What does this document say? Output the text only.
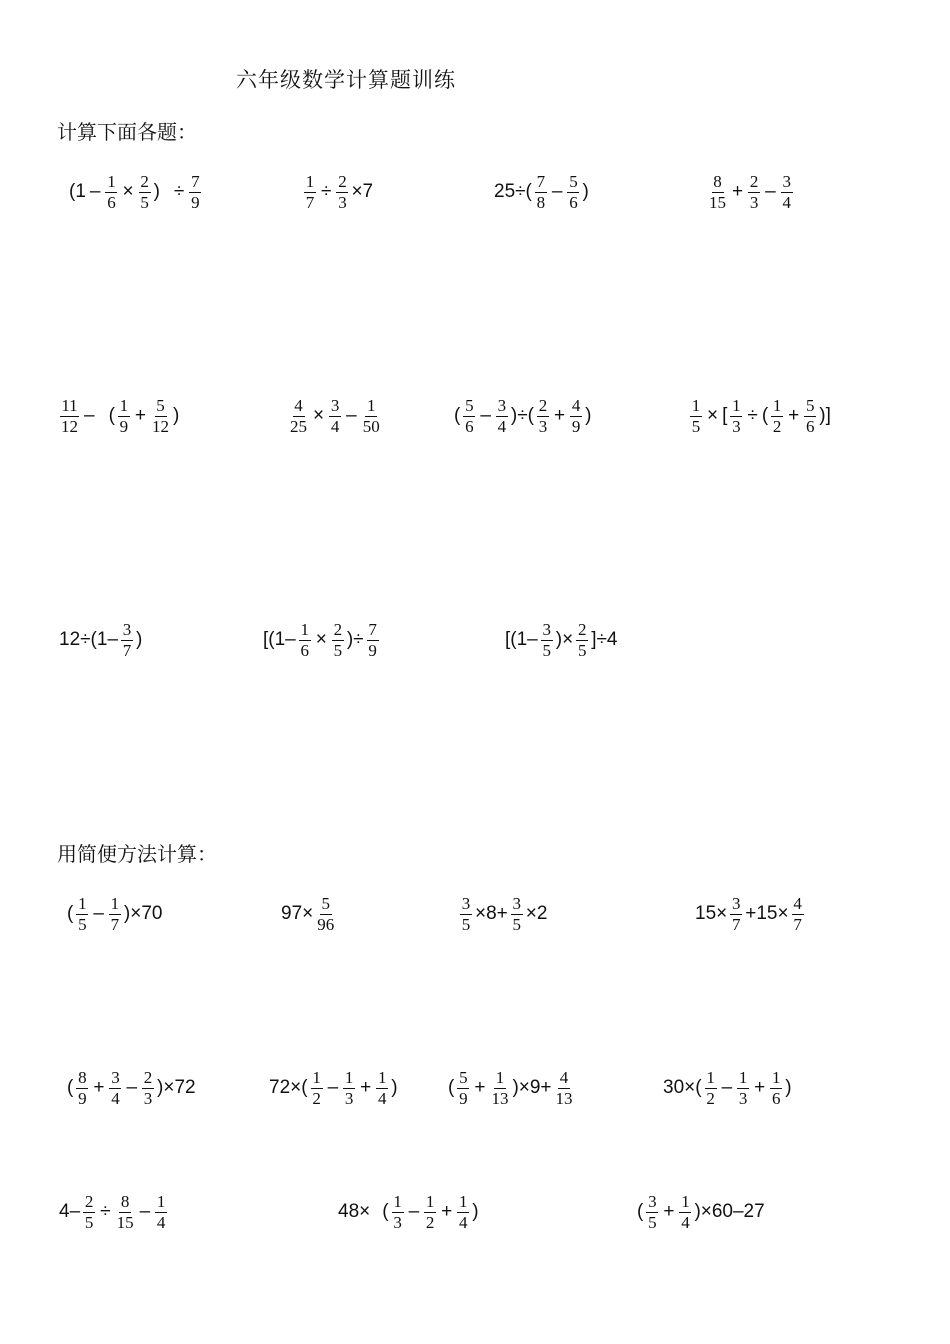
六年级数学计算题训练
计算下面各题：
用简便方法计算：
($1 - \frac{1}{6} \times \frac{2}{5}$ ) ÷ $\frac{7}{9}$	$\frac{1}{7} \div \frac{2}{3} \times 7$	$25\div( \frac{7}{8} - \frac{5}{6}$ )	$\frac{8}{15} + \frac{2}{3} - \frac{3}{4}$
$\frac{11}{12}$ – ( $\frac{1}{9} + \frac{5}{12}$ )	$\frac{4}{25} \times \frac{3}{4} - \frac{1}{50}$	( $\frac{5}{6} - \frac{3}{4}$ )÷( $\frac{2}{3} + \frac{4}{9}$ )	$\frac{1}{5}$ × [ $\frac{1}{3}$ ÷ ( $\frac{1}{2} + \frac{5}{6}$ )]
$12\div(1- \frac{3}{7}$ )	[($1- \frac{1}{6} \times \frac{2}{5}$ )÷ $\frac{7}{9}$	[($1- \frac{3}{5}$ )× $\frac{2}{5} ]\div 4$
( $\frac{1}{5} - \frac{1}{7} )\times 70$	$97\times \frac{5}{96}$	$\frac{3}{5} \times 8+ \frac{3}{5} \times 2$	$15\times \frac{3}{7} +15\times \frac{4}{7}$
( $\frac{8}{9} + \frac{3}{4} - \frac{2}{3} )\times 72$	$72\times( \frac{1}{2} - \frac{1}{3} + \frac{1}{4}$ )	( $\frac{5}{9} + \frac{1}{13} )\times 9+ \frac{4}{13}$	$30\times( \frac{1}{2} - \frac{1}{3} + \frac{1}{6}$ )
$4- \frac{2}{5} \div \frac{8}{15} - \frac{1}{4}$	48× ( $\frac{1}{3} - \frac{1}{2} + \frac{1}{4}$ )	( $\frac{3}{5} + \frac{1}{4} )\times 60-27$
